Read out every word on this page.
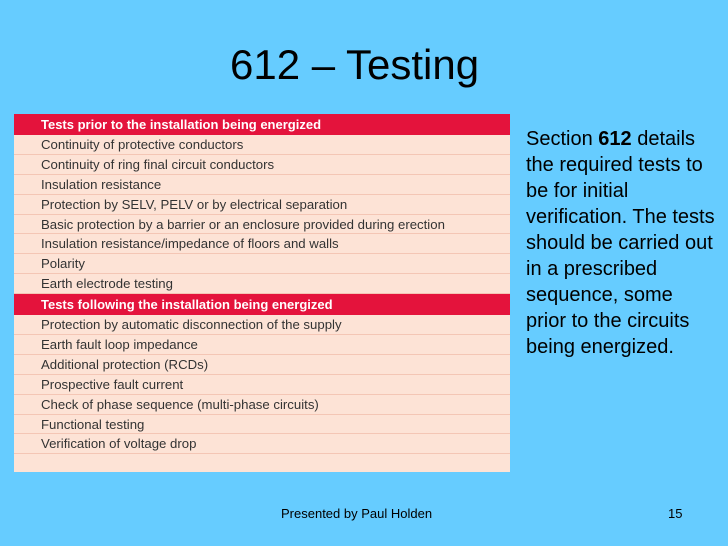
612 – Testing
Tests prior to the installation being energized
Continuity of protective conductors
Continuity of ring final circuit conductors
Insulation resistance
Protection by SELV, PELV or by electrical separation
Basic protection by a barrier or an enclosure provided during erection
Insulation resistance/impedance of floors and walls
Polarity
Earth electrode testing
Tests following the installation being energized
Protection by automatic disconnection of the supply
Earth fault loop impedance
Additional protection (RCDs)
Prospective fault current
Check of phase sequence (multi-phase circuits)
Functional testing
Verification of voltage drop
Section 612 details the required tests to be for initial verification. The tests should be carried out in a prescribed sequence, some prior to the circuits being energized.
Presented by Paul Holden	15
